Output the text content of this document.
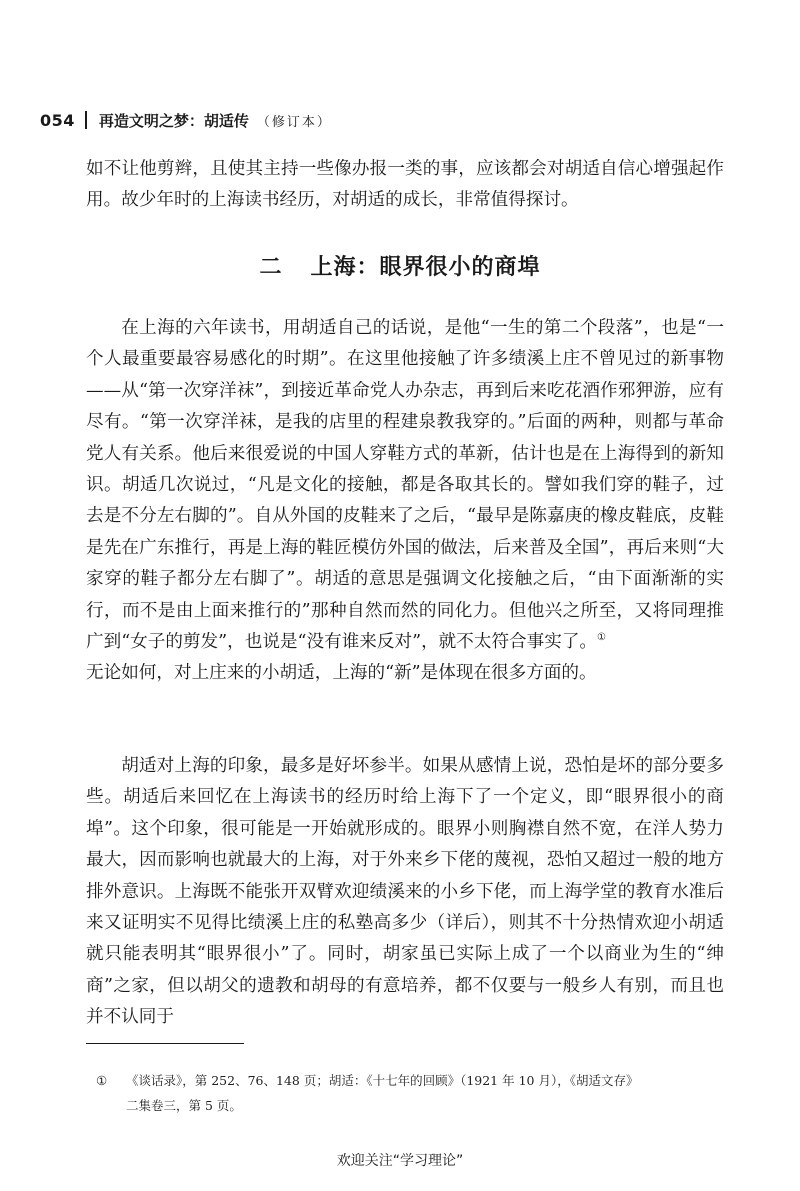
054 再造文明之梦：胡适传 （修订本）
如不让他剪辫，且使其主持一些像办报一类的事，应该都会对胡适自信心增强起作用。故少年时的上海读书经历，对胡适的成长，非常值得探讨。
二 上海：眼界很小的商埠
在上海的六年读书，用胡适自己的话说，是他“一生的第二个段落”，也是“一个人最重要最容易感化的时期”。在这里他接触了许多绩溪上庄不曾见过的新事物——从“第一次穿洋袜”，到接近革命党人办杂志，再到后来吃花酒作邪狎游，应有尽有。“第一次穿洋袜，是我的店里的程建泉教我穿的。”后面的两种，则都与革命党人有关系。他后来很爱说的中国人穿鞋方式的革新，估计也是在上海得到的新知识。胡适几次说过，“凡是文化的接触，都是各取其长的。譬如我们穿的鞋子，过去是不分左右脚的”。自从外国的皮鞋来了之后，“最早是陈嘉庚的橡皮鞋底，皮鞋是先在广东推行，再是上海的鞋匠模仿外国的做法，后来普及全国”，再后来则“大家穿的鞋子都分左右脚了”。胡适的意思是强调文化接触之后，“由下面渐渐的实行，而不是由上面来推行的”那种自然而然的同化力。但他兴之所至，又将同理推广到“女子的剪发”，也说是“没有谁来反对”，就不太符合事实了。①
无论如何，对上庄来的小胡适，上海的“新”是体现在很多方面的。
胡适对上海的印象，最多是好坏参半。如果从感情上说，恐怕是坏的部分要多些。胡适后来回忆在上海读书的经历时给上海下了一个定义，即“眼界很小的商埠”。这个印象，很可能是一开始就形成的。眼界小则胸襟自然不宽，在洋人势力最大，因而影响也就最大的上海，对于外来乡下佬的蔑视，恐怕又超过一般的地方排外意识。上海既不能张开双臂欢迎绩溪来的小乡下佬，而上海学堂的教育水准后来又证明实不见得比绩溪上庄的私塾高多少（详后），则其不十分热情欢迎小胡适就只能表明其“眼界很小”了。同时，胡家虽已实际上成了一个以商业为生的“绅商”之家，但以胡父的遗教和胡母的有意培养，都不仅要与一般乡人有别，而且也并不认同于
① 《谈话录》，第 252、76、148 页；胡适：《十七年的回顾》（1921 年 10 月），《胡适文存》
二集卷三，第 5 页。
欢迎关注“学习理论”
